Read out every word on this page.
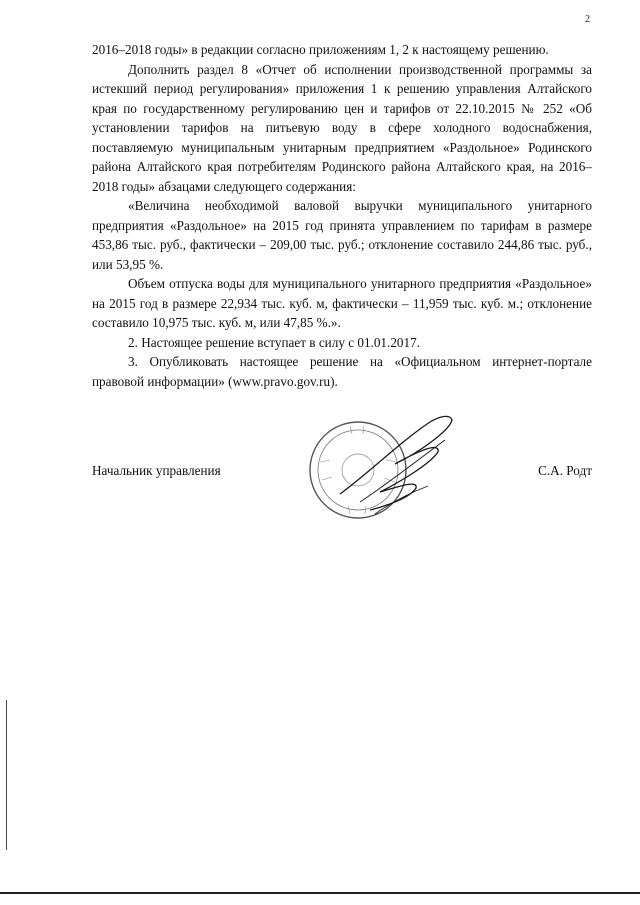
2

2016–2018 годы» в редакции согласно приложениям 1, 2 к настоящему решению.

Дополнить раздел 8 «Отчет об исполнении производственной программы за истекший период регулирования» приложения 1 к решению управления Алтайского края по государственному регулированию цен и тарифов от 22.10.2015 № 252 «Об установлении тарифов на питьевую воду в сфере холодного водоснабжения, поставляемую муниципальным унитарным предприятием «Раздольное» Родинского района Алтайского края потребителям Родинского района Алтайского края, на 2016–2018 годы» абзацами следующего содержания:

«Величина необходимой валовой выручки муниципального унитарного предприятия «Раздольное» на 2015 год принята управлением по тарифам в размере 453,86 тыс. руб., фактически – 209,00 тыс. руб.; отклонение составило 244,86 тыс. руб., или 53,95 %.

Объем отпуска воды для муниципального унитарного предприятия «Раздольное» на 2015 год в размере 22,934 тыс. куб. м, фактически – 11,959 тыс. куб. м.; отклонение составило 10,975 тыс. куб. м, или 47,85 %.».

2. Настоящее решение вступает в силу с 01.01.2017.

3. Опубликовать настоящее решение на «Официальном интернет-портале правовой информации» (www.pravo.gov.ru).

Начальник управления	С.А. Родт
